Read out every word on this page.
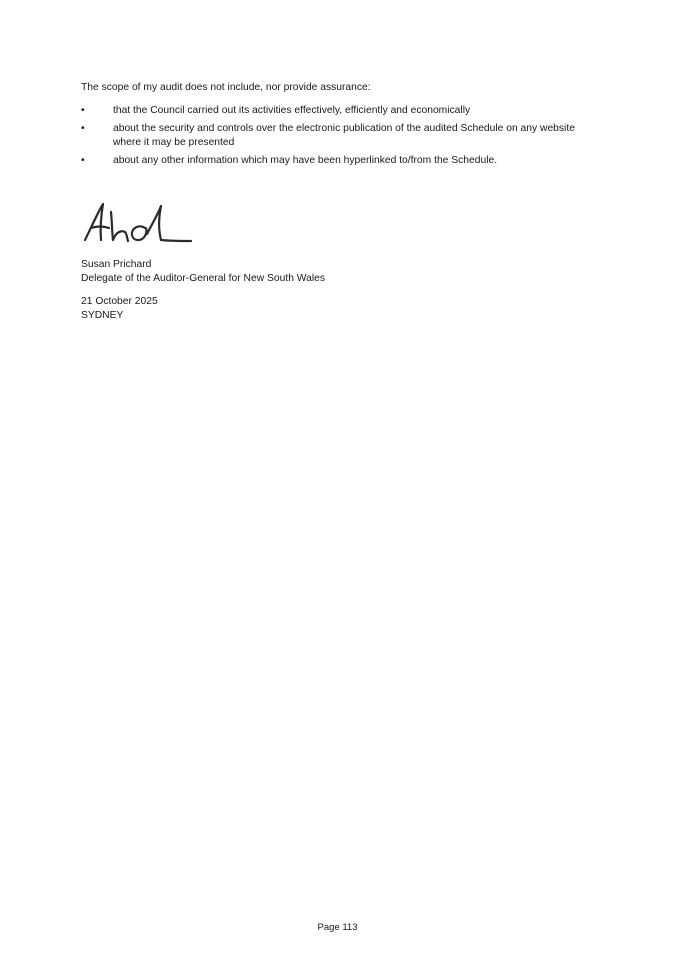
The scope of my audit does not include, nor provide assurance:

•	that the Council carried out its activities effectively, efficiently and economically
•	about the security and controls over the electronic publication of the audited Schedule on any website where it may be presented
•	about any other information which may have been hyperlinked to/from the Schedule.
Susan Prichard
Delegate of the Auditor-General for New South Wales
21 October 2025
SYDNEY
Page 113
